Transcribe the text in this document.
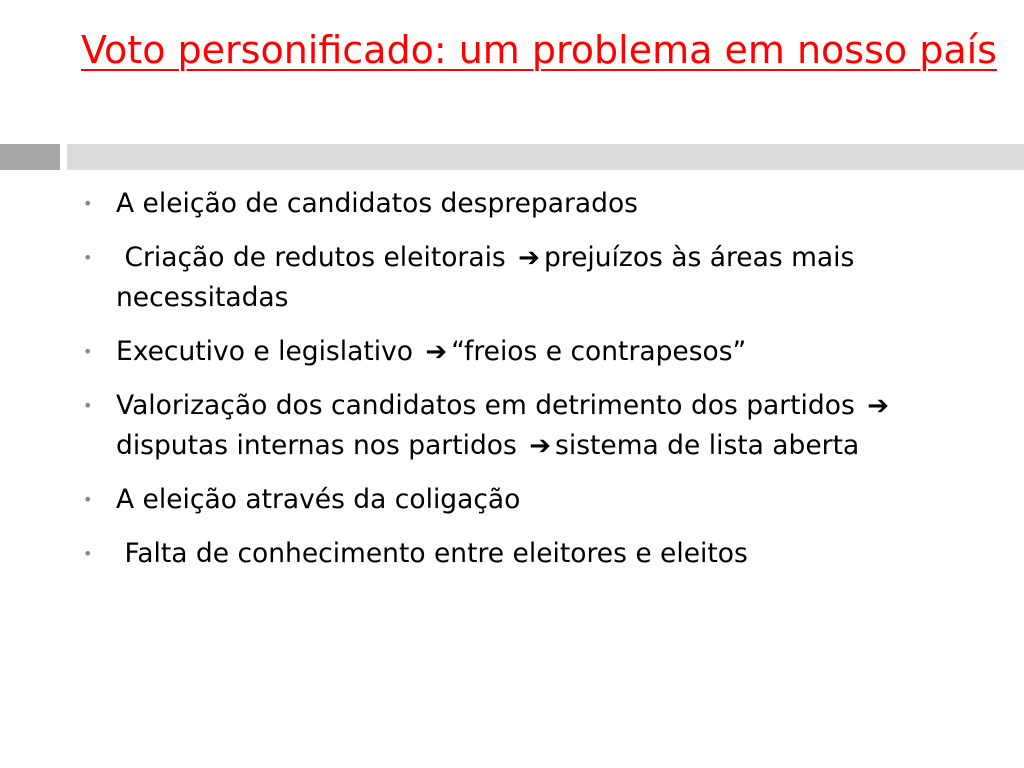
Voto personificado: um problema em nosso país
• A eleição de candidatos despreparados
• Criação de redutos eleitorais ➔ prejuízos às áreas mais necessitadas
• Executivo e legislativo ➔ “freios e contrapesos”
• Valorização dos candidatos em detrimento dos partidos ➔disputas internas nos partidos ➔ sistema de lista aberta
• A eleição através da coligação
• Falta de conhecimento entre eleitores e eleitos
